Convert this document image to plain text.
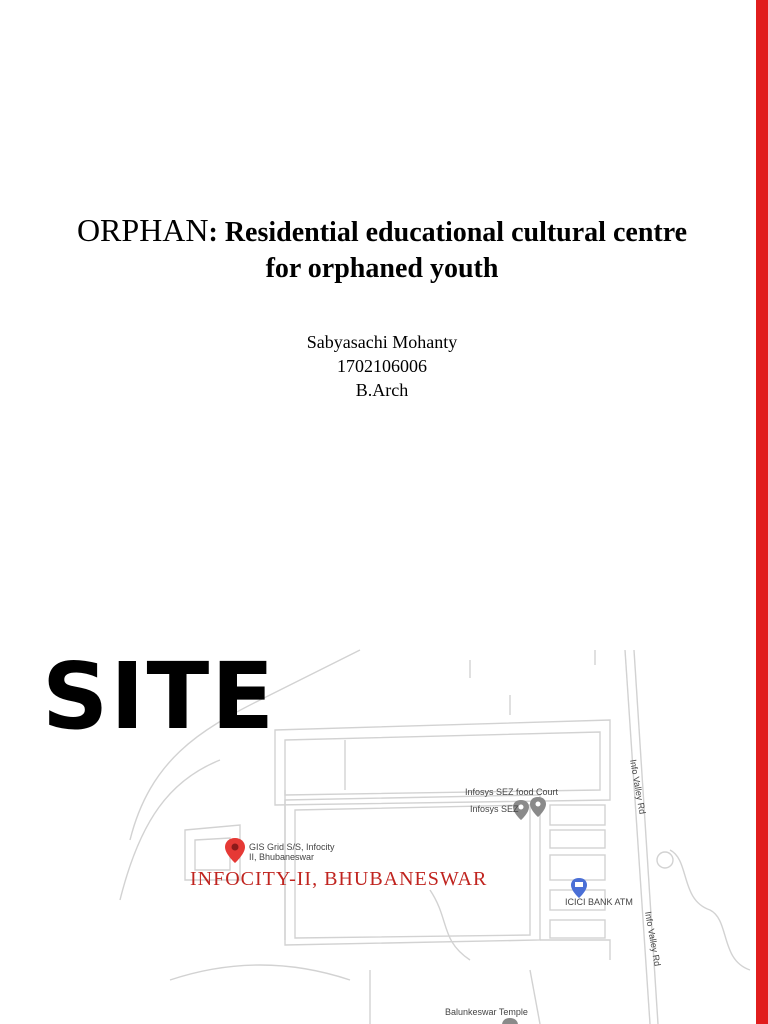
ORPHAN: Residential educational cultural centre for orphaned youth
Sabyasachi Mohanty
1702106006
B.Arch
Infosys SEZ food Court
Infosys SEZ
GIS Grid S/S, Infocity
II, Bhubaneswar
ICICI BANK ATM
Balunkeswar Temple
Info Valley Rd
Info Valley Rd
SITE
INFOCITY-II, BHUBANESWAR
